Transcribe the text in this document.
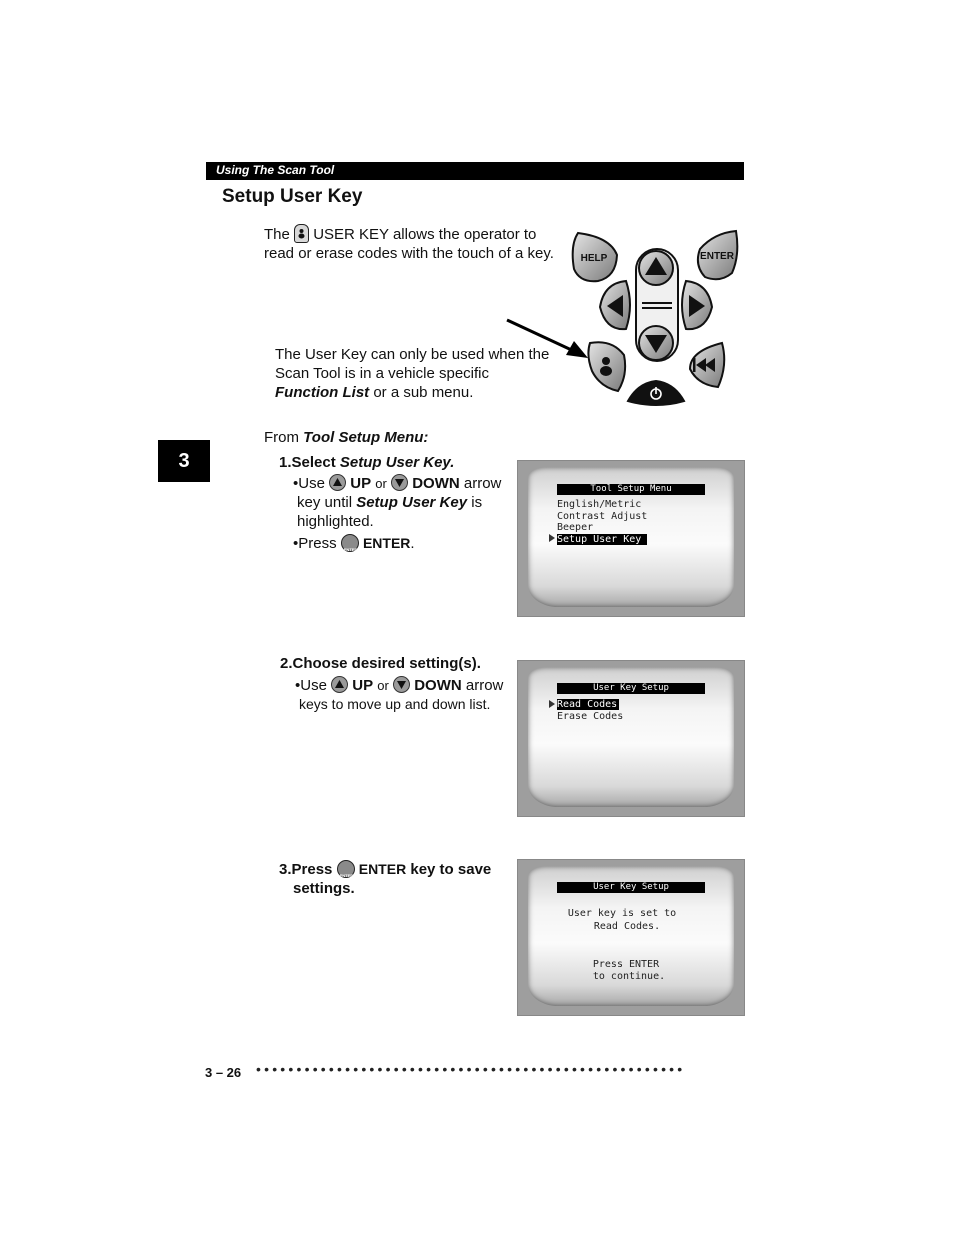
Using The Scan Tool
Setup User Key
3
The USER KEY allows the operator to
read or erase codes with the touch of a key.	HELP	ENTER
The User Key can only be used when the
Scan Tool is in a vehicle specific
Function List or a sub menu.
From Tool Setup Menu:
1.Select Setup User Key.
•Use UP or DOWN arrow
key until Setup User Key is
highlighted.
•Press ENTER ENTER.
Tool Setup Menu
English/Metric
Contrast Adjust
Beeper
Setup User Key
2.Choose desired setting(s).
•Use UP or DOWN arrow
keys to move up and down list.
User Key Setup
Read Codes
Erase Codes
3.Press ENTER ENTER key to save
settings.	User Key Setup
User key is set to
Read Codes.
Press ENTER
to continue.
3 – 26 •••••••••••••••••••••••••••••••••••••••••••••••••••••
